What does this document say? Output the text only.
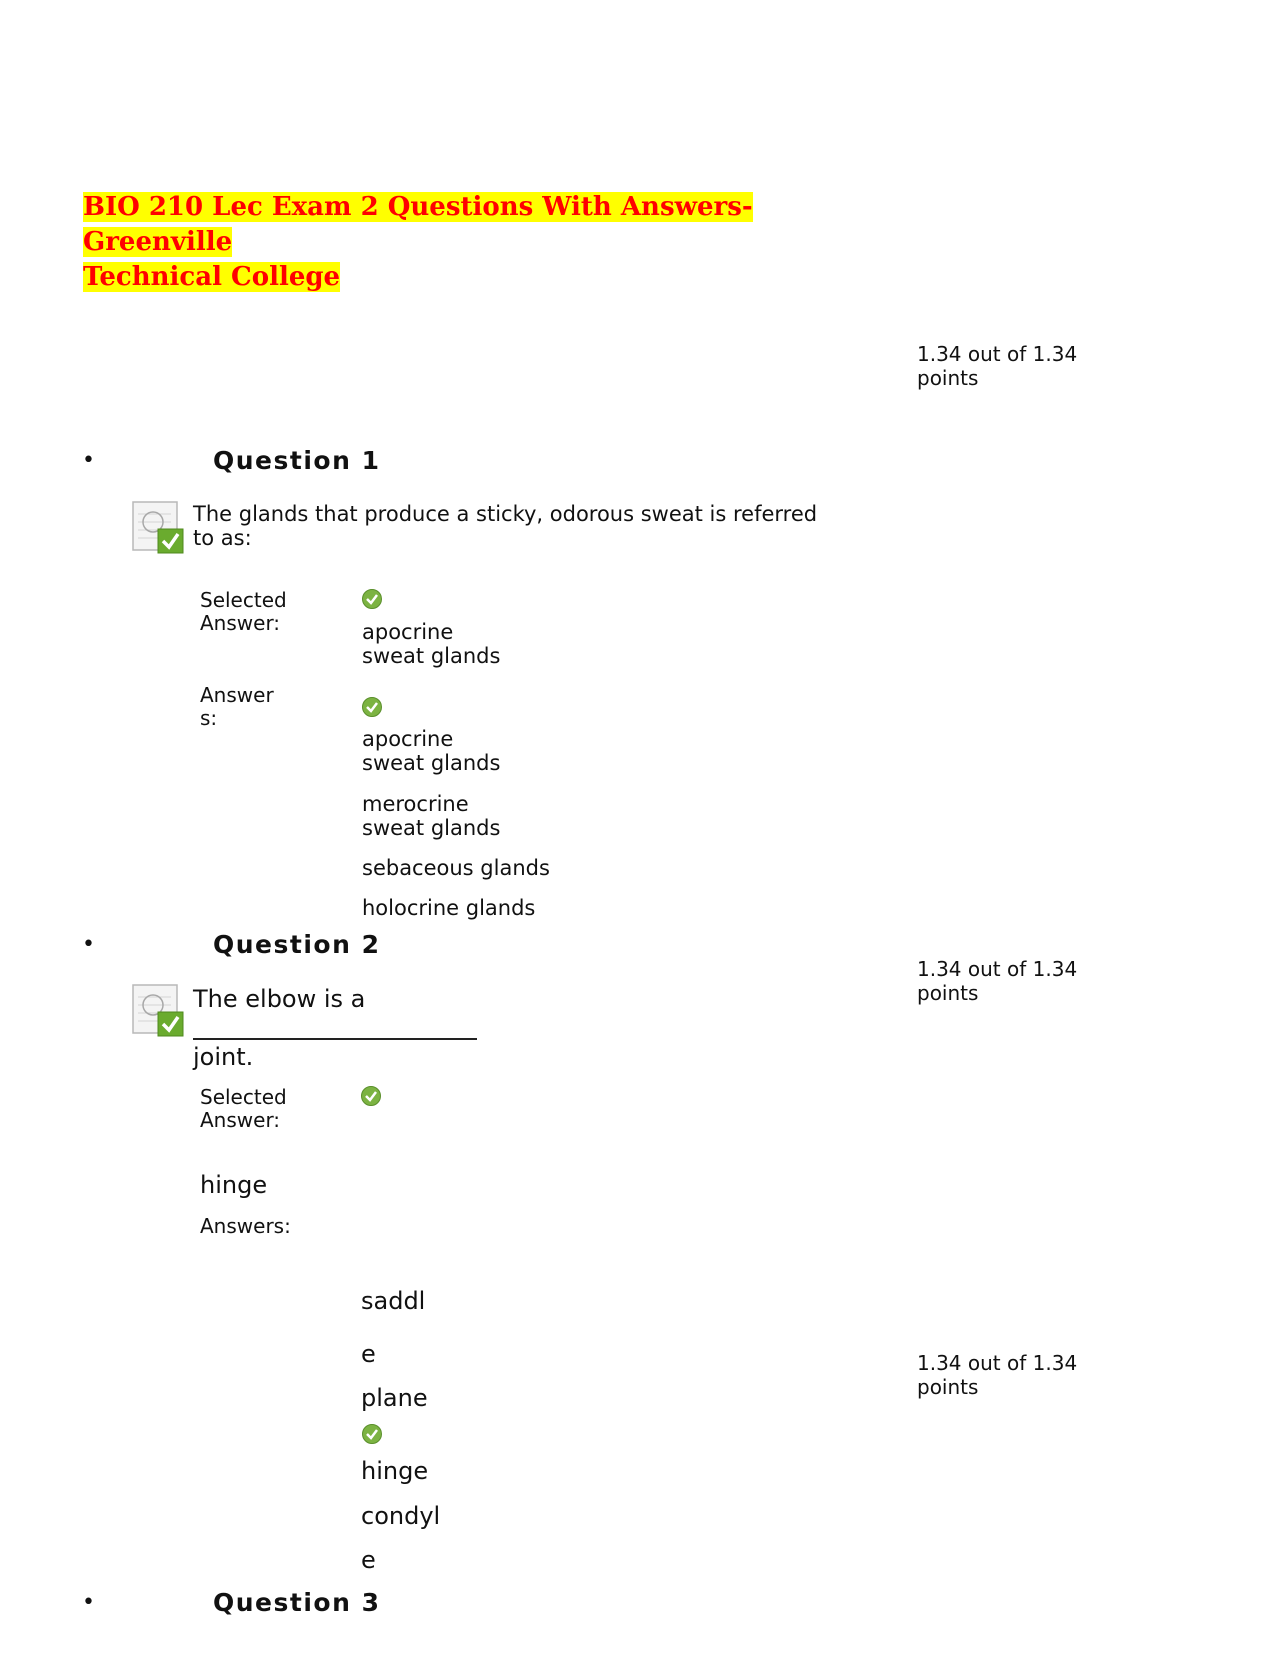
BIO 210 Lec Exam 2 Questions With Answers-Greenville
Technical College
1.34 out of 1.34
points
•	Question 1
The glands that produce a sticky, odorous sweat is referred
to as:
Selected
Answer:	apocrine
sweat glands
Answer
s:
apocrine
sweat glands
merocrine
sweat glands
sebaceous glands
holocrine glands
•	Question 2
1.34 out of 1.34
points
The elbow is a
joint.
Selected
Answer:
hinge
Answers:
saddl
e
plane
hinge
condyl
e
1.34 out of 1.34
points
•	Question 3
